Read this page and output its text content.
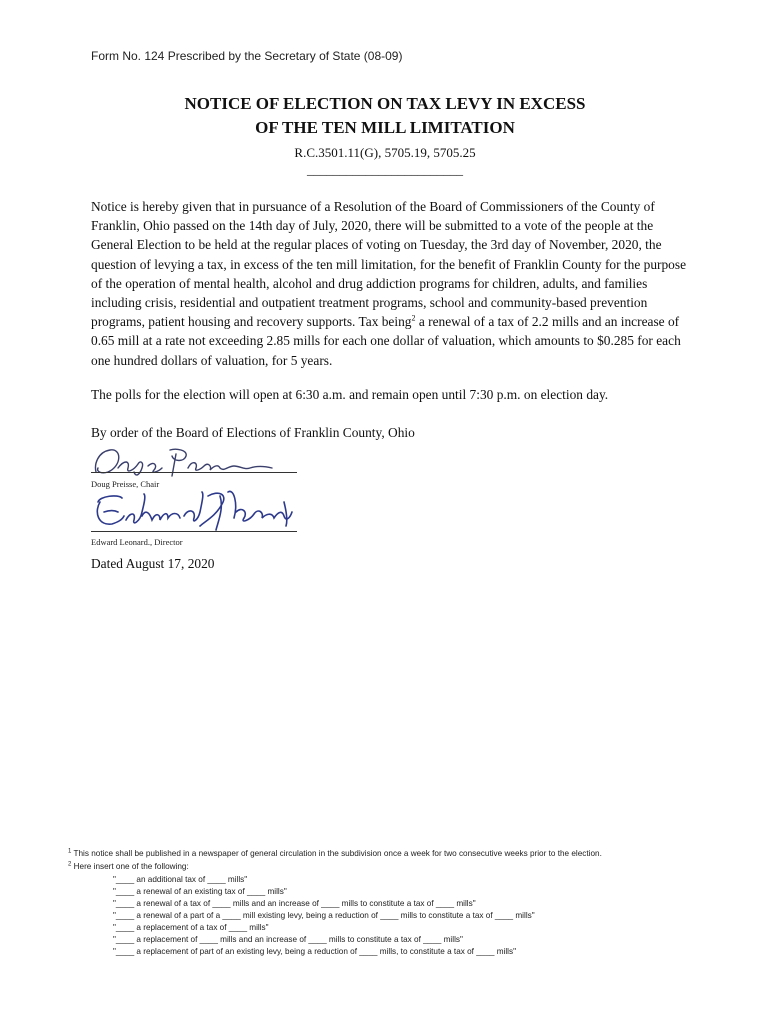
Form No. 124 Prescribed by the Secretary of State (08-09)
NOTICE OF ELECTION ON TAX LEVY IN EXCESS
OF THE TEN MILL LIMITATION
R.C.3501.11(G), 5705.19, 5705.25
________________________
Notice is hereby given that in pursuance of a Resolution of the Board of Commissioners of the County of Franklin, Ohio passed on the 14th day of July, 2020, there will be submitted to a vote of the people at the General Election to be held at the regular places of voting on Tuesday, the 3rd day of November, 2020, the question of levying a tax, in excess of the ten mill limitation, for the benefit of Franklin County for the purpose of the operation of mental health, alcohol and drug addiction programs for children, adults, and families including crisis, residential and outpatient treatment programs, school and community-based prevention programs, patient housing and recovery supports. Tax being$^2$ a renewal of a tax of 2.2 mills and an increase of 0.65 mill at a rate not exceeding 2.85 mills for each one dollar of valuation, which amounts to $0.285 for each one hundred dollars of valuation, for 5 years.
The polls for the election will open at 6:30 a.m. and remain open until 7:30 p.m. on election day.
By order of the Board of Elections of Franklin County, Ohio
Doug Preisse, Chair
Edward Leonard., Director
Dated August 17, 2020
$^1$ This notice shall be published in a newspaper of general circulation in the subdivision once a week for two consecutive weeks prior to the election.
$^2$ Here insert one of the following:
"____ an additional tax of ____ mills"
"____ a renewal of an existing tax of ____ mills"
"____ a renewal of a tax of ____ mills and an increase of ____ mills to constitute a tax of ____ mills"
"____ a renewal of a part of a ____ mill existing levy, being a reduction of ____ mills to constitute a tax of ____ mills"
"____ a replacement of a tax of ____ mills"
"____ a replacement of ____ mills and an increase of ____ mills to constitute a tax of ____ mills"
"____ a replacement of part of an existing levy, being a reduction of ____ mills, to constitute a tax of ____ mills"
